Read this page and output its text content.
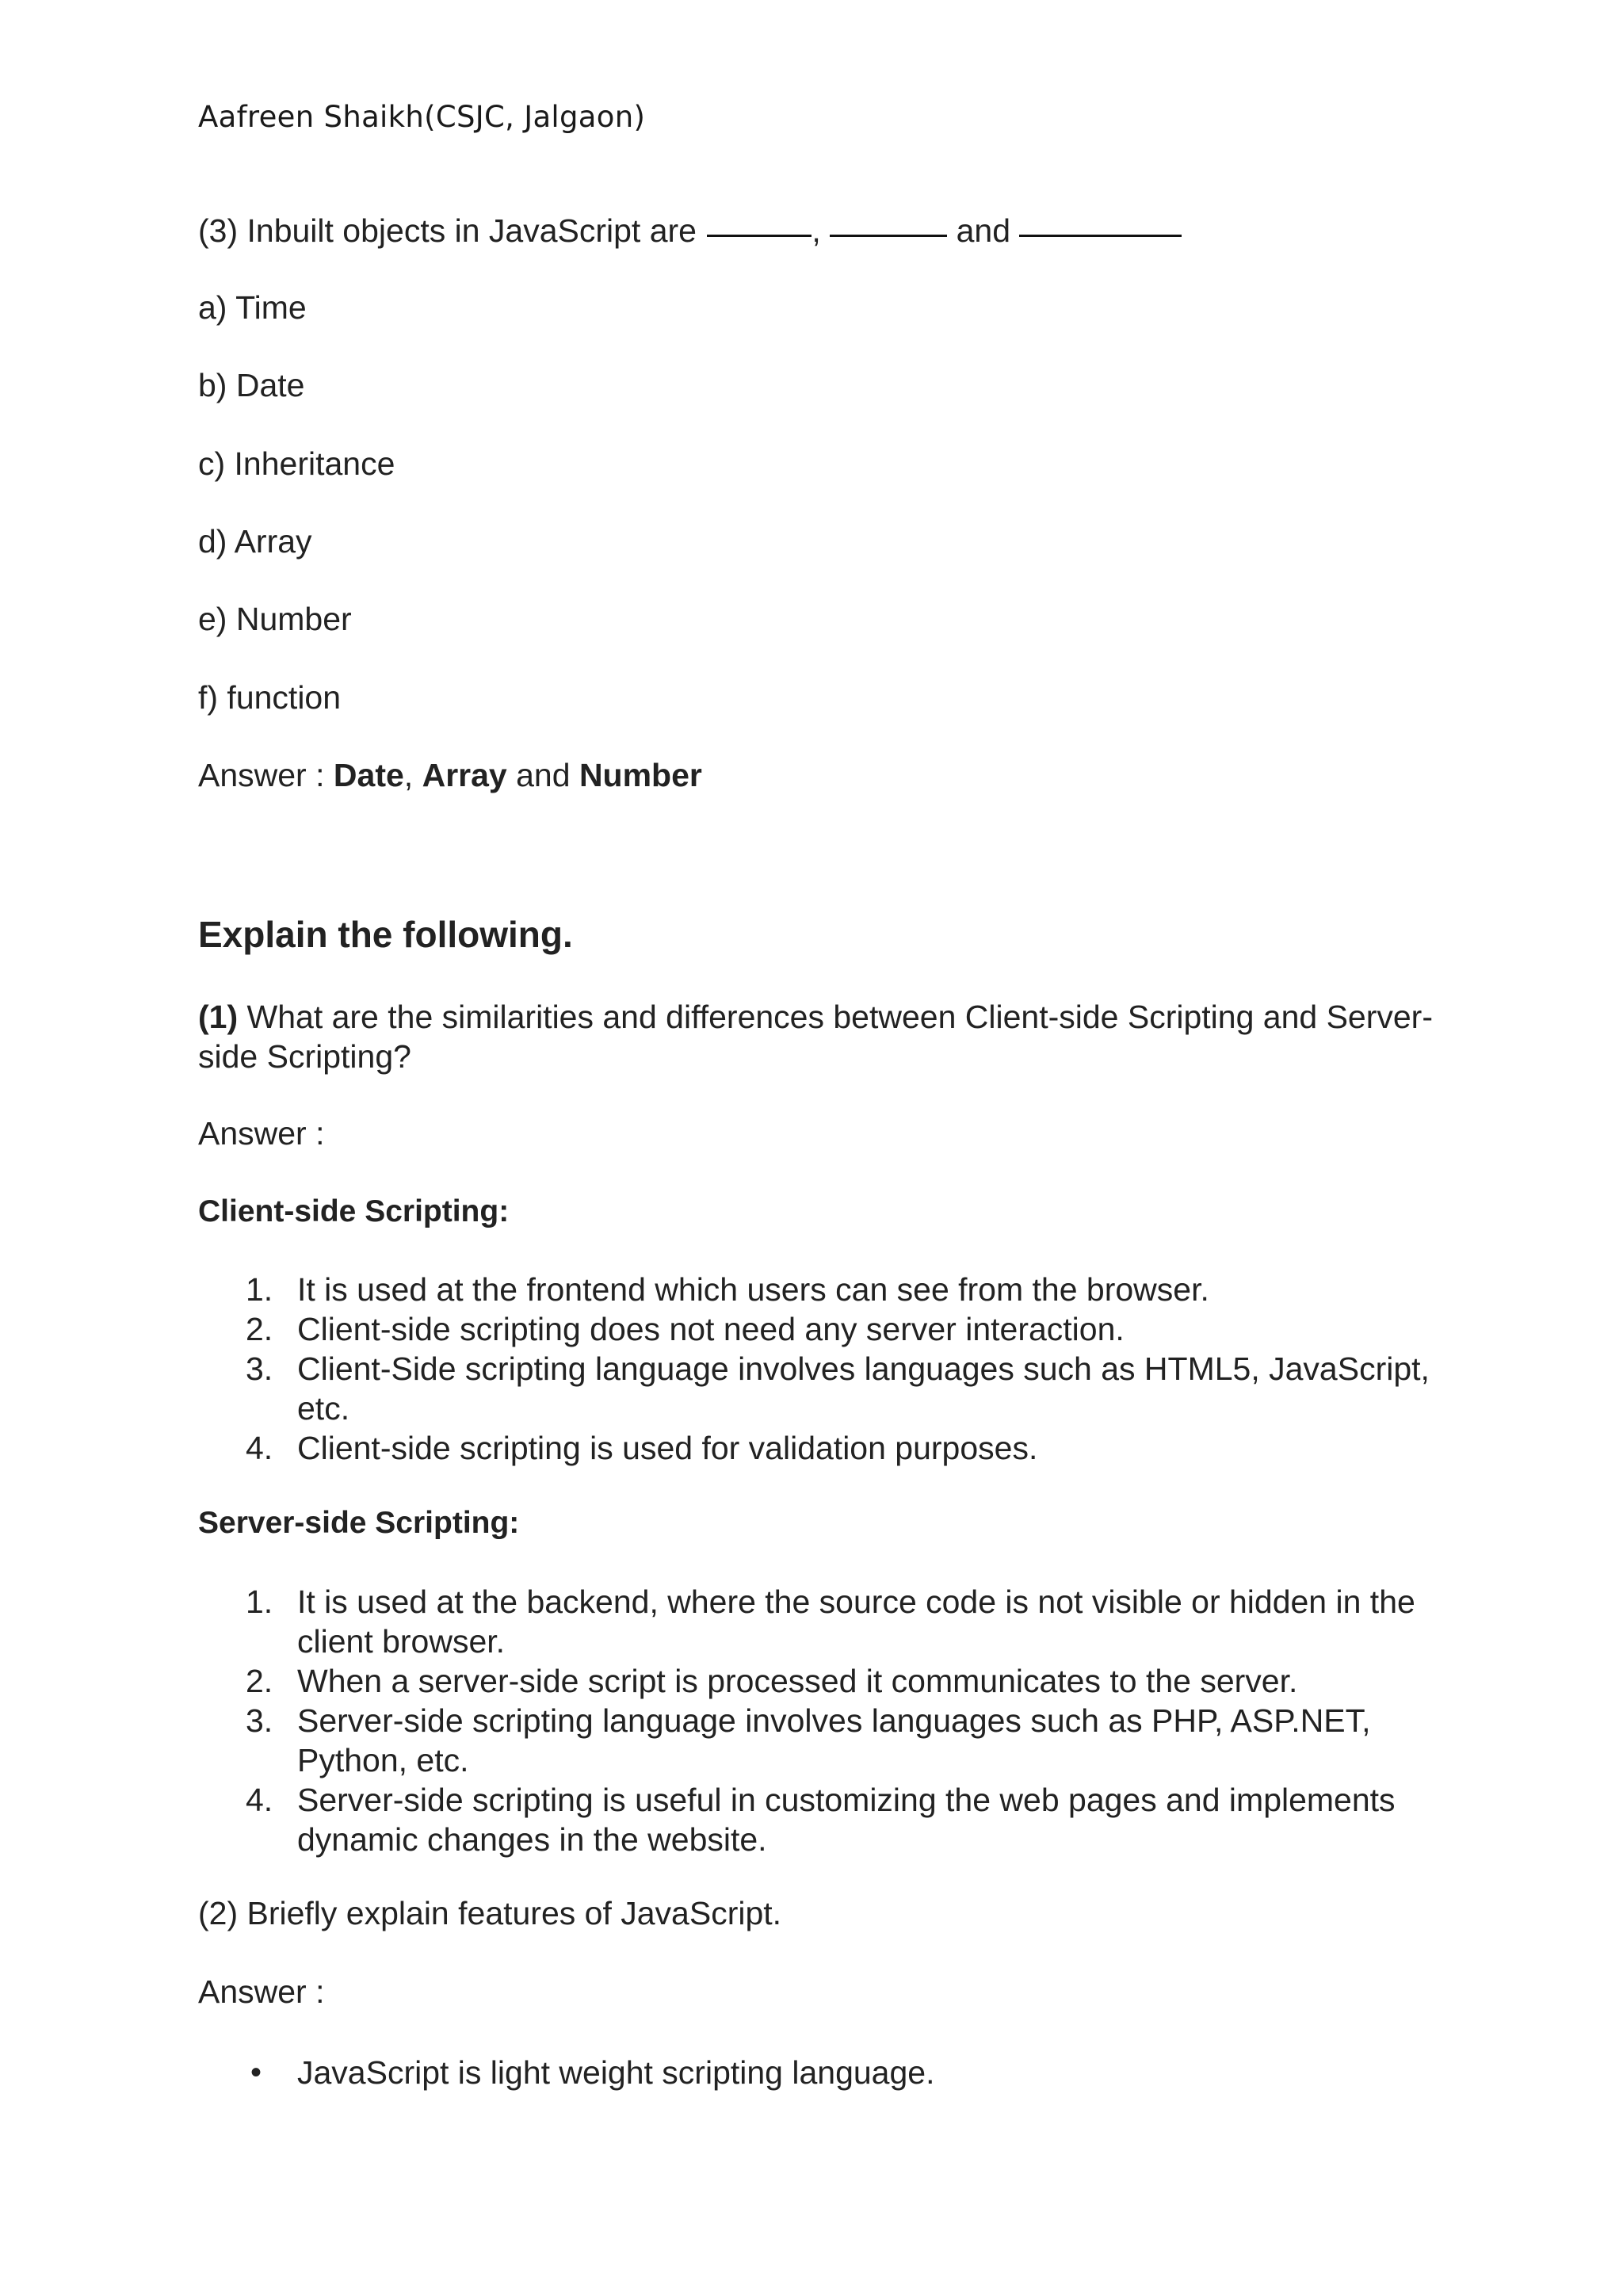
Aafreen Shaikh(CSJC, Jalgaon)
(3) Inbuilt objects in JavaScript are	,	and
a) Time
b) Date
c) Inheritance
d) Array
e) Number
f) function
Answer : Date, Array and Number
Explain the following.
(1) What are the similarities and differences between Client-side Scripting and Server-side Scripting?
Answer :
Client-side Scripting:
1. It is used at the frontend which users can see from the browser.
2. Client-side scripting does not need any server interaction.
3. Client-Side scripting language involves languages such as HTML5, JavaScript, etc.
4. Client-side scripting is used for validation purposes.
Server-side Scripting:
1. It is used at the backend, where the source code is not visible or hidden in the client browser.
2. When a server-side script is processed it communicates to the server.
3. Server-side scripting language involves languages such as PHP, ASP.NET, Python, etc.
4. Server-side scripting is useful in customizing the web pages and implements dynamic changes in the website.
(2) Briefly explain features of JavaScript.
Answer :
• JavaScript is light weight scripting language.
